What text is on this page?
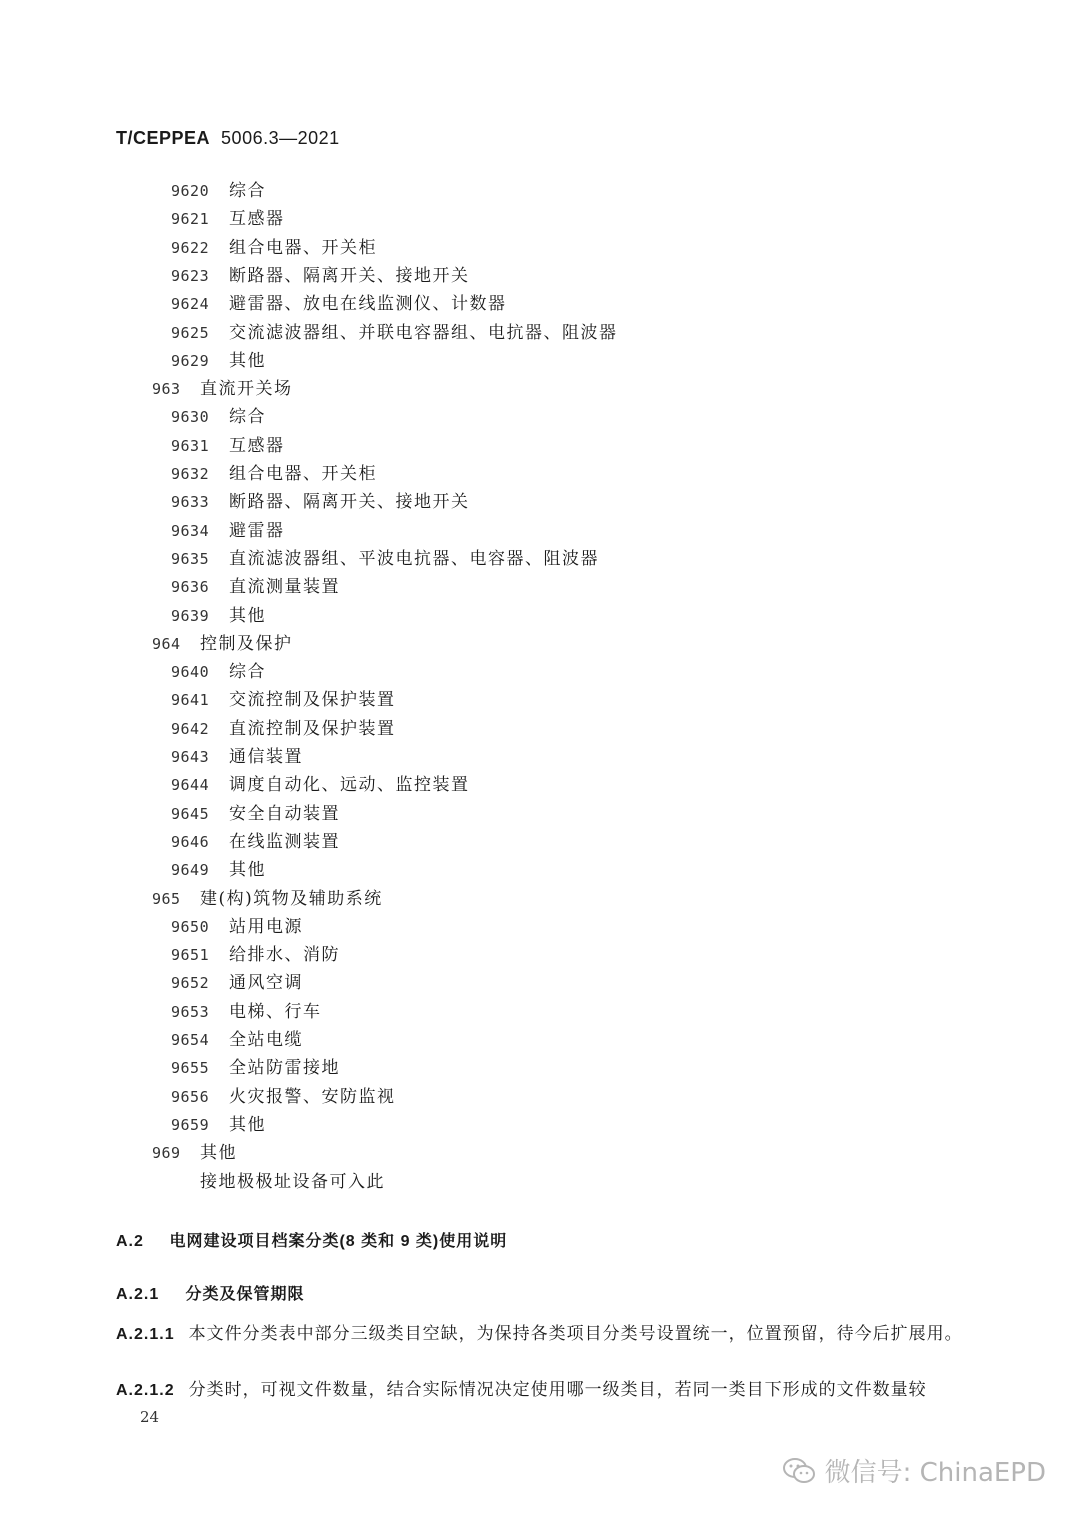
T/CEPPEA 5006.3—2021
9620 综合
9621 互感器
9622 组合电器、开关柜
9623 断路器、隔离开关、接地开关
9624 避雷器、放电在线监测仪、计数器
9625 交流滤波器组、并联电容器组、电抗器、阻波器
9629 其他
963 直流开关场
9630 综合
9631 互感器
9632 组合电器、开关柜
9633 断路器、隔离开关、接地开关
9634 避雷器
9635 直流滤波器组、平波电抗器、电容器、阻波器
9636 直流测量装置
9639 其他
964 控制及保护
9640 综合
9641 交流控制及保护装置
9642 直流控制及保护装置
9643 通信装置
9644 调度自动化、远动、监控装置
9645 安全自动装置
9646 在线监测装置
9649 其他
965 建(构)筑物及辅助系统
9650 站用电源
9651 给排水、消防
9652 通风空调
9653 电梯、行车
9654 全站电缆
9655 全站防雷接地
9656 火灾报警、安防监视
9659 其他
969 其他
接地极极址设备可入此
A.2 电网建设项目档案分类(8 类和 9 类)使用说明
A.2.1 分类及保管期限
A.2.1.1 本文件分类表中部分三级类目空缺，为保持各类项目分类号设置统一，位置预留，待今后扩展用。
A.2.1.2 分类时，可视文件数量，结合实际情况决定使用哪一级类目，若同一类目下形成的文件数量较
24
微信号: ChinaEPD
